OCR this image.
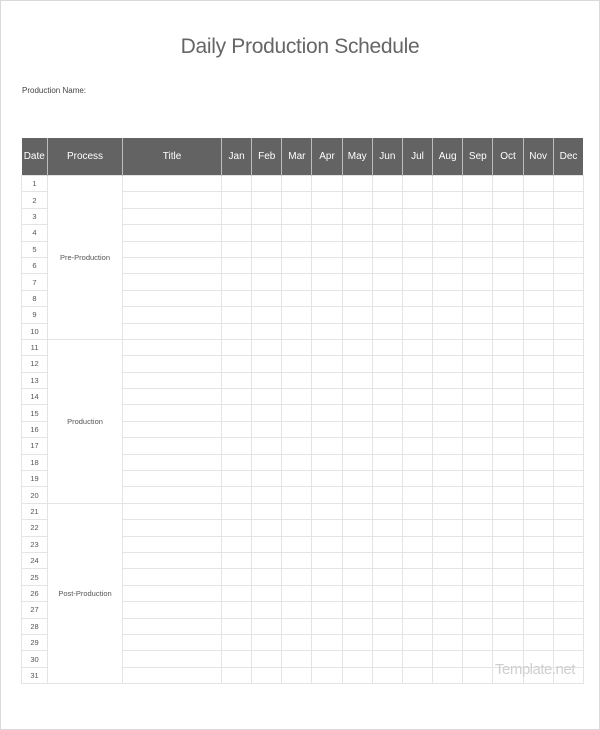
Daily Production Schedule
Production Name:
Date	Process	Title	Jan	Feb	Mar	Apr	May	Jun	Jul	Aug	Sep	Oct	Nov	Dec
1	Pre-Production													
2														
3														
4														
5														
6														
7														
8														
9														
10														
11	Production													
12														
13														
14														
15														
16														
17														
18														
19														
20														
21	Post-Production													
22														
23														
24														
25														
26														
27														
28														
29														
30														
31															Template.net
